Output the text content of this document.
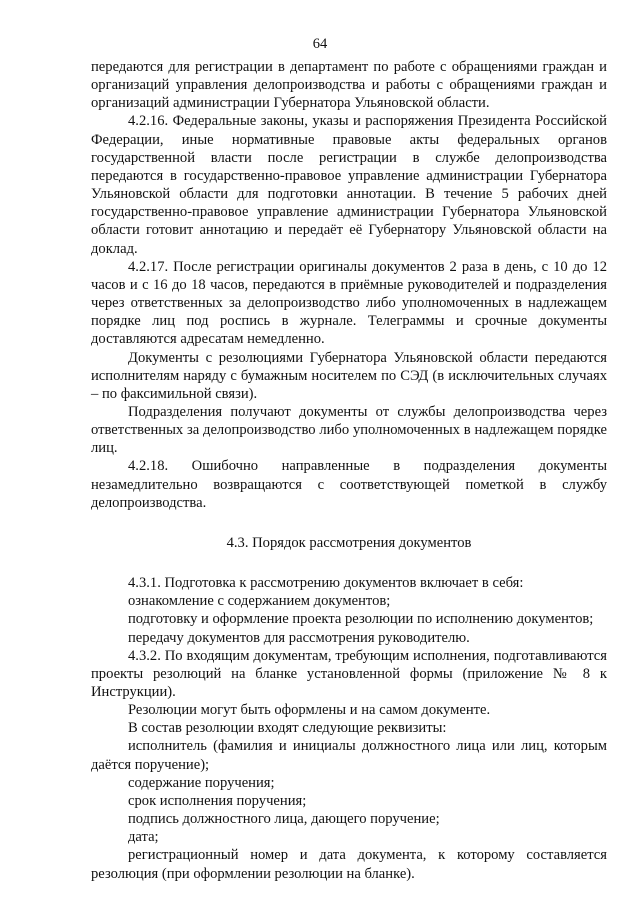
64

передаются для регистрации в департамент по работе с обращениями граждан и организаций управления делопроизводства и работы с обращениями граждан и организаций администрации Губернатора Ульяновской области.

4.2.16. Федеральные законы, указы и распоряжения Президента Российской Федерации, иные нормативные правовые акты федеральных органов государственной власти после регистрации в службе делопроизводства передаются в государственно-правовое управление администрации Губернатора Ульяновской области для подготовки аннотации. В течение 5 рабочих дней государственно-правовое управление администрации Губернатора Ульяновской области готовит аннотацию и передаёт её Губернатору Ульяновской области на доклад.

4.2.17. После регистрации оригиналы документов 2 раза в день, с 10 до 12 часов и с 16 до 18 часов, передаются в приёмные руководителей и подразделения через ответственных за делопроизводство либо уполномоченных в надлежащем порядке лиц под роспись в журнале. Телеграммы и срочные документы доставляются адресатам немедленно.

Документы с резолюциями Губернатора Ульяновской области передаются исполнителям наряду с бумажным носителем по СЭД (в исключительных случаях – по факсимильной связи).

Подразделения получают документы от службы делопроизводства через ответственных за делопроизводство либо уполномоченных в надлежащем порядке лиц.

4.2.18. Ошибочно направленные в подразделения документы незамедлительно возвращаются с соответствующей пометкой в службу делопроизводства.

4.3. Порядок рассмотрения документов

4.3.1. Подготовка к рассмотрению документов включает в себя:

ознакомление с содержанием документов;

подготовку и оформление проекта резолюции по исполнению документов;

передачу документов для рассмотрения руководителю.

4.3.2. По входящим документам, требующим исполнения, подготавливаются проекты резолюций на бланке установленной формы (приложение № 8 к Инструкции).

Резолюции могут быть оформлены и на самом документе.

В состав резолюции входят следующие реквизиты:

исполнитель (фамилия и инициалы должностного лица или лиц, которым даётся поручение);

содержание поручения;

срок исполнения поручения;

подпись должностного лица, дающего поручение;

дата;

регистрационный номер и дата документа, к которому составляется резолюция (при оформлении резолюции на бланке).
